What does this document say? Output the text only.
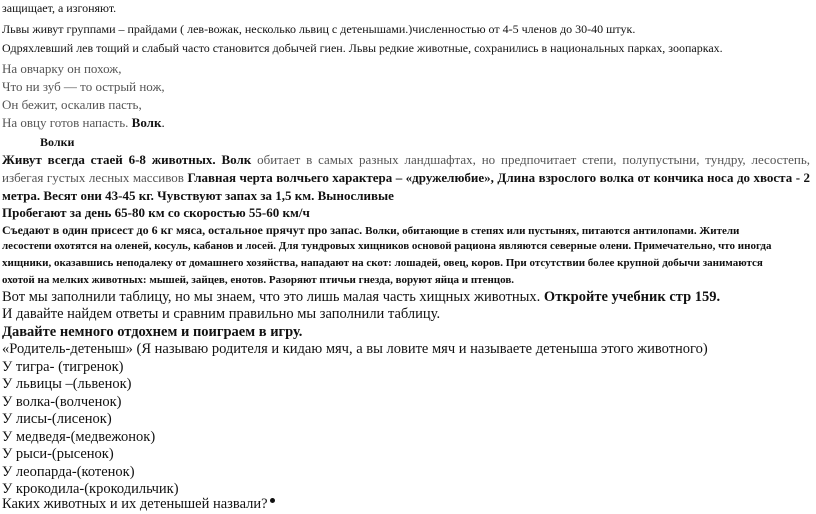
защищает, а изгоняют.
Львы живут группами – прайдами ( лев-вожак, несколько львиц с детенышами.)численностью от 4-5 членов до 30-40 штук.
Одряхлевший лев тощий и слабый часто становится добычей гиен. Львы редкие животные, сохранились в национальных парках, зоопарках.
На овчарку он похож,
Что ни зуб — то острый нож,
Он бежит, оскалив пасть,
На овцу готов напасть. Волк.
Волки
Живут всегда стаей 6-8 животных. Волк обитает в самых разных ландшафтах, но предпочитает степи, полупустыни, тундру, лесостепь,
избегая густых лесных массивов Главная черта волчьего характера – «дружелюбие», Длина взрослого волка от кончика носа до хвоста - 2
метра. Весят они 43-45 кг. Чувствуют запах за 1,5 км. Выносливые
Пробегают за день 65-80 км со скоростью 55-60 км/ч
Съедают в один присест до 6 кг мяса, остальное прячут про запас. Волки, обитающие в степях или пустынях, питаются антилопами. Жители
лесостепи охотятся на оленей, косуль, кабанов и лосей. Для тундровых хищников основой рациона являются северные олени. Примечательно, что иногда
хищники, оказавшись неподалеку от домашнего хозяйства, нападают на скот: лошадей, овец, коров. При отсутствии более крупной добычи занимаются
охотой на мелких животных: мышей, зайцев, енотов. Разоряют птичьи гнезда, воруют яйца и птенцов.
Вот мы заполнили таблицу, но мы знаем, что это лишь малая часть хищных животных. Откройте учебник стр 159.
И давайте найдем ответы и сравним правильно мы заполнили таблицу.
Давайте немного отдохнем и поиграем в игру.
«Родитель-детеныш» (Я называю родителя и кидаю мяч, а вы ловите мяч и называете детеныша этого животного)
У тигра- (тигренок)
У львицы –(львенок)
У волка-(волченок)
У лисы-(лисенок)
У медведя-(медвежонок)
У рыси-(рысенок)
У леопарда-(котенок)
У крокодила-(крокодильчик)
Каких животных и их детенышей назвали?
